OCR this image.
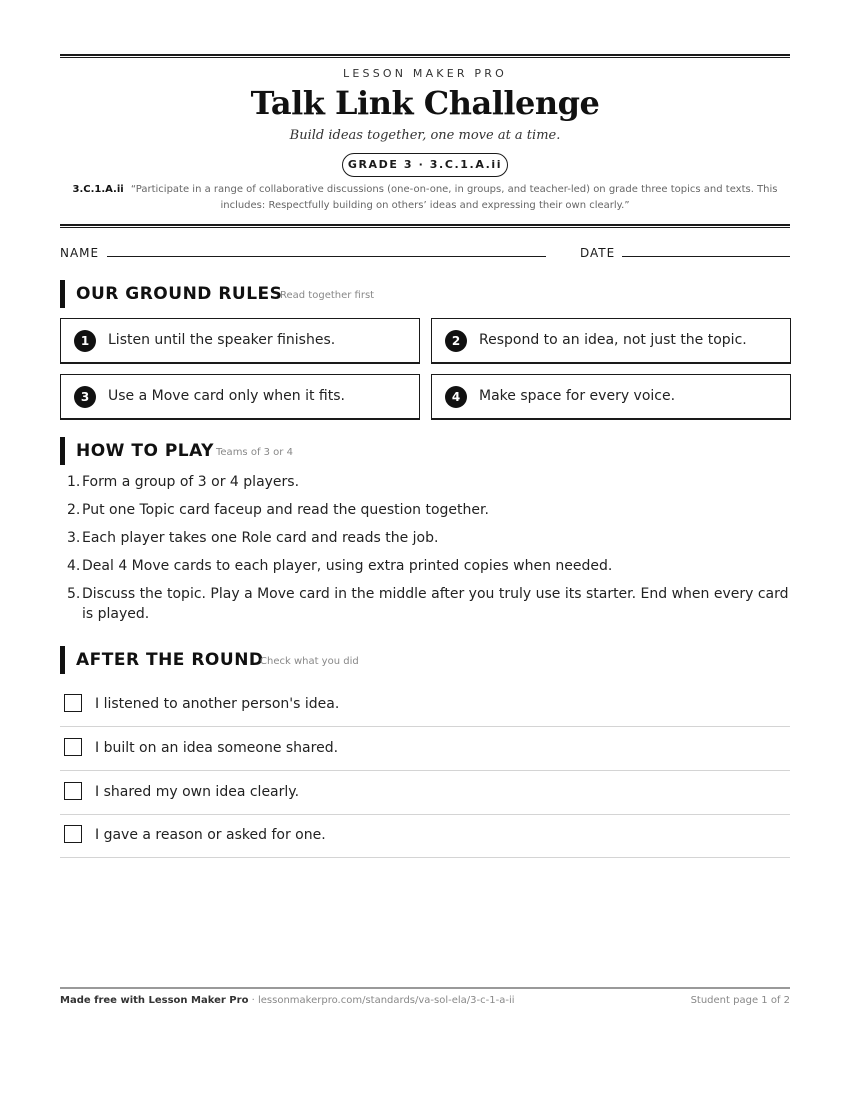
LESSON MAKER PRO
Talk Link Challenge
Build ideas together, one move at a time.
GRADE 3 · 3.C.1.A.ii
3.C.1.A.ii “Participate in a range of collaborative discussions (one-on-one, in groups, and teacher-led) on grade three topics and texts. This includes: Respectfully building on others’ ideas and expressing their own clearly.”
NAME	DATE
OUR GROUND RULES
Read together first
1	Listen until the speaker finishes.	2	Respond to an idea, not just the topic.
3	Use a Move card only when it fits.	4	Make space for every voice.
HOW TO PLAY Teams of 3 or 4
1. Form a group of 3 or 4 players.
2. Put one Topic card faceup and read the question together.
3. Each player takes one Role card and reads the job.
4. Deal 4 Move cards to each player, using extra printed copies when needed.
5. Discuss the topic. Play a Move card in the middle after you truly use its starter. End when every card is played.
AFTER THE ROUND
Check what you did
I listened to another person's idea.
I built on an idea someone shared.
I shared my own idea clearly.
I gave a reason or asked for one.
Made free with Lesson Maker Pro · lessonmakerpro.com/standards/va-sol-ela/3-c-1-a-ii	Student page 1 of 2
